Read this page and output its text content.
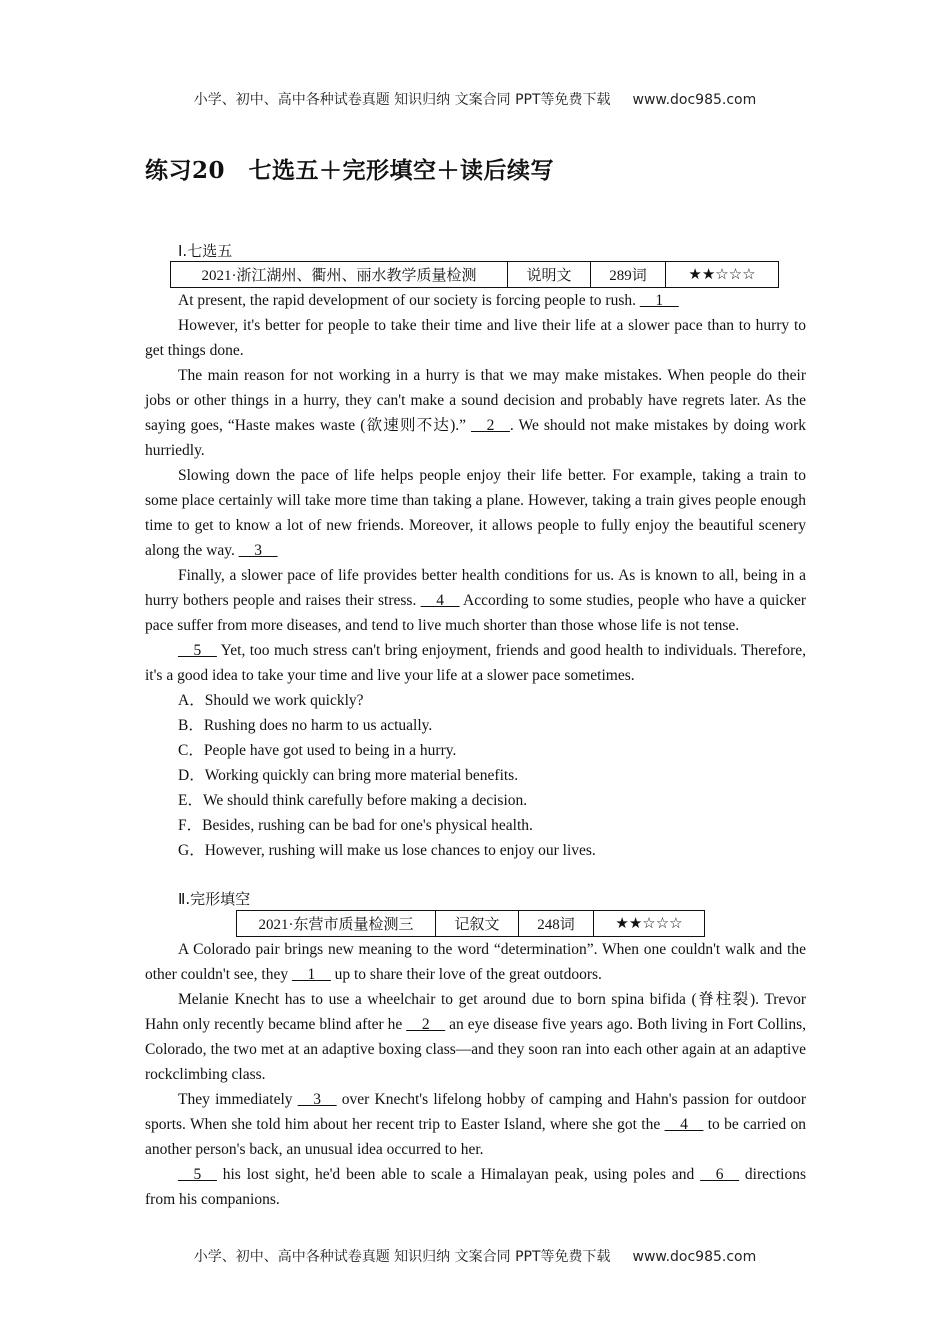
小学、初中、高中各种试卷真题 知识归纳 文案合同 PPT等免费下载 www.doc985.com
练习20　七选五＋完形填空＋读后续写
Ⅰ.七选五
2021·浙江湖州、衢州、丽水教学质量检测	说明文	289词	★★☆☆☆

At present, the rapid development of our society is forcing people to rush. __1__

However, it's better for people to take their time and live their life at a slower pace than to hurry to get things done.

The main reason for not working in a hurry is that we may make mistakes. When people do their jobs or other things in a hurry, they can't make a sound decision and probably have regrets later. As the saying goes, “Haste makes waste (欲速则不达).” __2__. We should not make mistakes by doing work hurriedly.

Slowing down the pace of life helps people enjoy their life better. For example, taking a train to some place certainly will take more time than taking a plane. However, taking a train gives people enough time to get to know a lot of new friends. Moreover, it allows people to fully enjoy the beautiful scenery along the way. __3__

Finally, a slower pace of life provides better health conditions for us. As is known to all, being in a hurry bothers people and raises their stress. __4__ According to some studies, people who have a quicker pace suffer from more diseases, and tend to live much shorter than those whose life is not tense.

__5__ Yet, too much stress can't bring enjoyment, friends and good health to individuals. Therefore, it's a good idea to take your time and live your life at a slower pace sometimes.

A．Should we work quickly?

B．Rushing does no harm to us actually.

C．People have got used to being in a hurry.

D．Working quickly can bring more material benefits.

E．We should think carefully before making a decision.

F．Besides, rushing can be bad for one's physical health.

G．However, rushing will make us lose chances to enjoy our lives.

Ⅱ.完形填空
2021·东营市质量检测三	记叙文	248词	★★☆☆☆

A Colorado pair brings new meaning to the word “determination”. When one couldn't walk and the other couldn't see, they __1__ up to share their love of the great outdoors.

Melanie Knecht has to use a wheelchair to get around due to born spina bifida (脊柱裂). Trevor Hahn only recently became blind after he __2__ an eye disease five years ago. Both living in Fort Collins, Colorado, the two met at an adaptive boxing class—and they soon ran into each other again at an adaptive rockclimbing class.

They immediately __3__ over Knecht's lifelong hobby of camping and Hahn's passion for outdoor sports. When she told him about her recent trip to Easter Island, where she got the __4__ to be carried on another person's back, an unusual idea occurred to her.

__5__ his lost sight, he'd been able to scale a Himalayan peak, using poles and __6__ directions from his companions.

小学、初中、高中各种试卷真题 知识归纳 文案合同 PPT等免费下载 www.doc985.com
